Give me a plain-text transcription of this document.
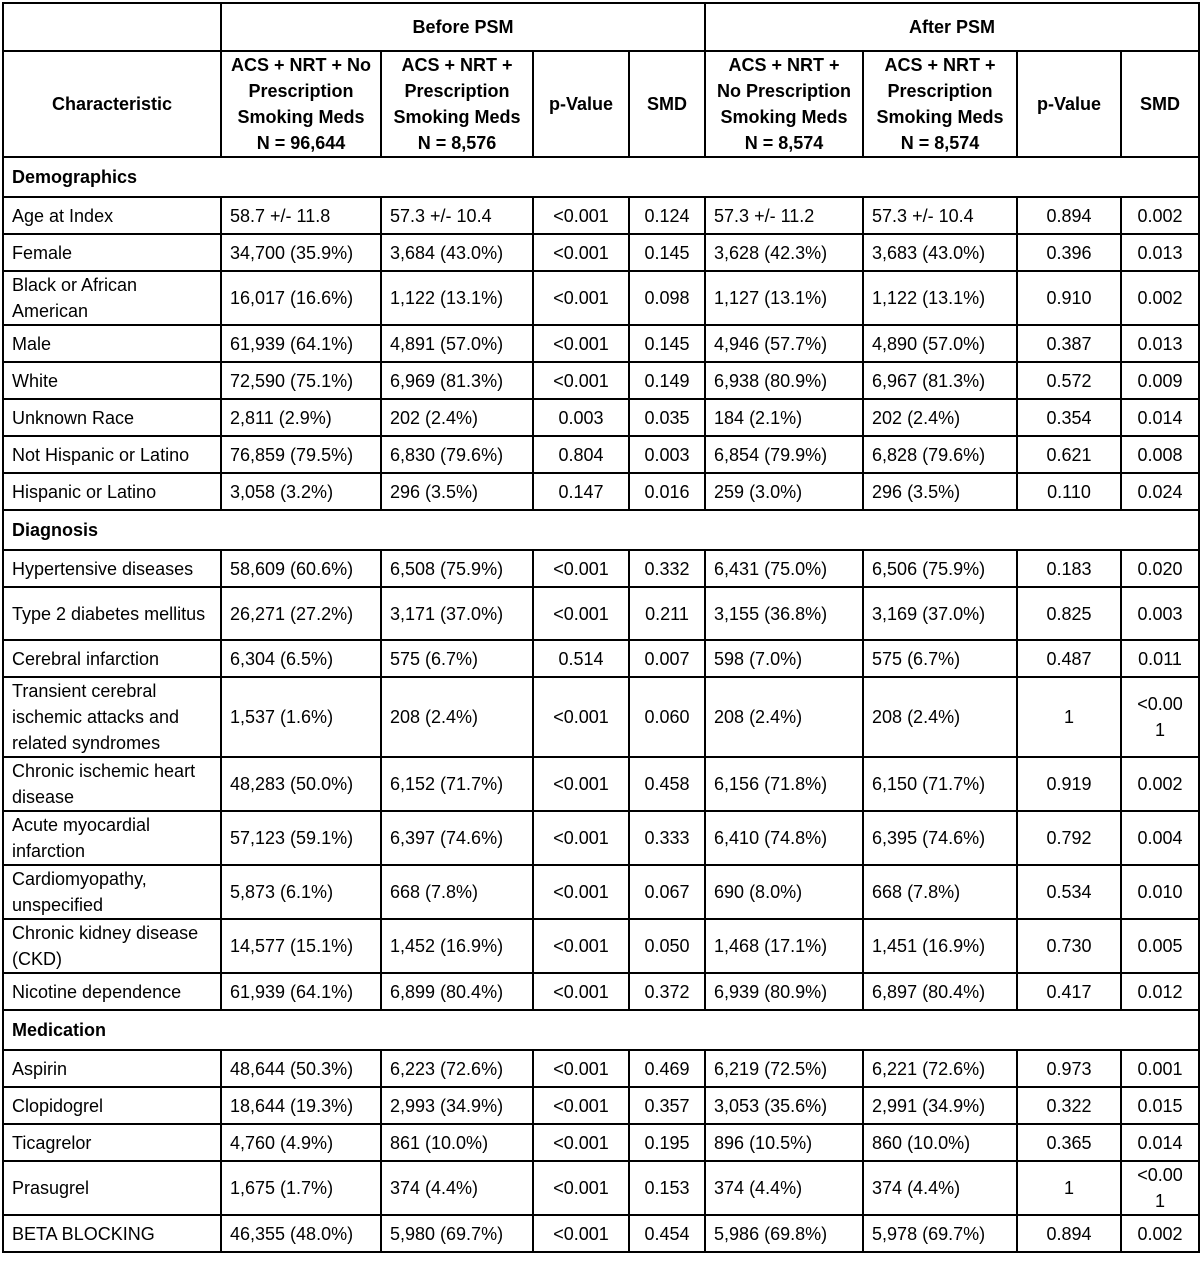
	Before PSM				After PSM			
Characteristic	ACS + NRT + No Prescription Smoking Meds N = 96,644	ACS + NRT + Prescription Smoking Meds N = 8,576	p-Value	SMD	ACS + NRT + No Prescription Smoking Meds N = 8,574	ACS + NRT + Prescription Smoking Meds N = 8,574	p-Value	SMD
Demographics								
Age at Index	58.7 +/- 11.8	57.3 +/- 10.4	<0.001	0.124	57.3 +/- 11.2	57.3 +/- 10.4	0.894	0.002
Female	34,700 (35.9%)	3,684 (43.0%)	<0.001	0.145	3,628 (42.3%)	3,683 (43.0%)	0.396	0.013
Black or African American	16,017 (16.6%)	1,122 (13.1%)	<0.001	0.098	1,127 (13.1%)	1,122 (13.1%)	0.910	0.002
Male	61,939 (64.1%)	4,891 (57.0%)	<0.001	0.145	4,946 (57.7%)	4,890 (57.0%)	0.387	0.013
White	72,590 (75.1%)	6,969 (81.3%)	<0.001	0.149	6,938 (80.9%)	6,967 (81.3%)	0.572	0.009
Unknown Race	2,811 (2.9%)	202 (2.4%)	0.003	0.035	184 (2.1%)	202 (2.4%)	0.354	0.014
Not Hispanic or Latino	76,859 (79.5%)	6,830 (79.6%)	0.804	0.003	6,854 (79.9%)	6,828 (79.6%)	0.621	0.008
Hispanic or Latino	3,058 (3.2%)	296 (3.5%)	0.147	0.016	259 (3.0%)	296 (3.5%)	0.110	0.024
Diagnosis								
Hypertensive diseases	58,609 (60.6%)	6,508 (75.9%)	<0.001	0.332	6,431 (75.0%)	6,506 (75.9%)	0.183	0.020
Type 2 diabetes mellitus	26,271 (27.2%)	3,171 (37.0%)	<0.001	0.211	3,155 (36.8%)	3,169 (37.0%)	0.825	0.003
Cerebral infarction	6,304 (6.5%)	575 (6.7%)	0.514	0.007	598 (7.0%)	575 (6.7%)	0.487	0.011
Transient cerebral ischemic attacks and related syndromes	1,537 (1.6%)	208 (2.4%)	<0.001	0.060	208 (2.4%)	208 (2.4%)	1	<0.00
1
Chronic ischemic heart disease	48,283 (50.0%)	6,152 (71.7%)	<0.001	0.458	6,156 (71.8%)	6,150 (71.7%)	0.919	0.002
Acute myocardial infarction	57,123 (59.1%)	6,397 (74.6%)	<0.001	0.333	6,410 (74.8%)	6,395 (74.6%)	0.792	0.004
Cardiomyopathy, unspecified	5,873 (6.1%)	668 (7.8%)	<0.001	0.067	690 (8.0%)	668 (7.8%)	0.534	0.010
Chronic kidney disease (CKD)	14,577 (15.1%)	1,452 (16.9%)	<0.001	0.050	1,468 (17.1%)	1,451 (16.9%)	0.730	0.005
Nicotine dependence	61,939 (64.1%)	6,899 (80.4%)	<0.001	0.372	6,939 (80.9%)	6,897 (80.4%)	0.417	0.012
Medication								
Aspirin	48,644 (50.3%)	6,223 (72.6%)	<0.001	0.469	6,219 (72.5%)	6,221 (72.6%)	0.973	0.001
Clopidogrel	18,644 (19.3%)	2,993 (34.9%)	<0.001	0.357	3,053 (35.6%)	2,991 (34.9%)	0.322	0.015
Ticagrelor	4,760 (4.9%)	861 (10.0%)	<0.001	0.195	896 (10.5%)	860 (10.0%)	0.365	0.014
Prasugrel	1,675 (1.7%)	374 (4.4%)	<0.001	0.153	374 (4.4%)	374 (4.4%)	1	<0.00
1
BETA BLOCKING	46,355 (48.0%)	5,980 (69.7%)	<0.001	0.454	5,986 (69.8%)	5,978 (69.7%)	0.894	0.002
